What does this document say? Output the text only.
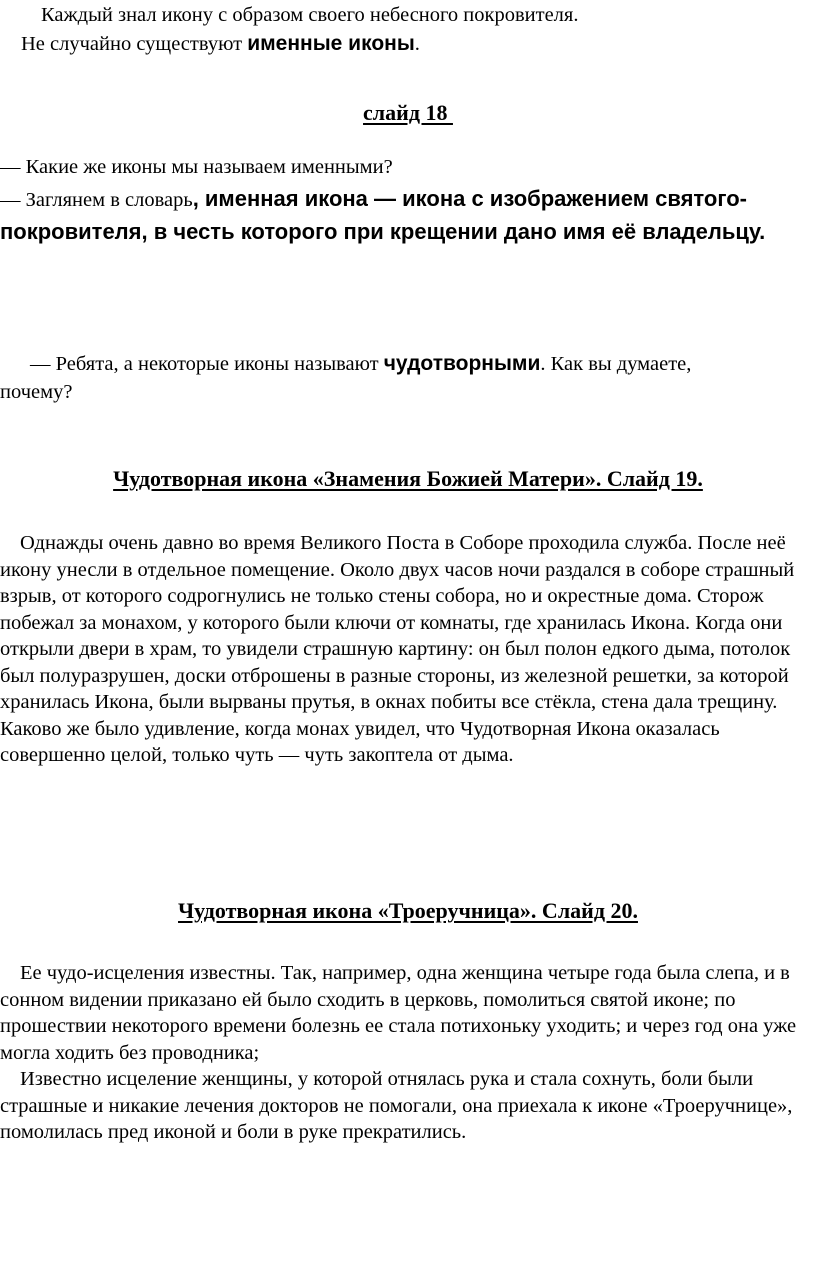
Каждый знал икону с образом своего небесного покровителя.

Не случайно существуют именные иконы.

слайд 18

— Какие же иконы мы называем именными?

— Заглянем в словарь, именная икона — икона с изображением святого-покровителя, в честь которого при крещении дано имя её владельцу.

— Ребята, а некоторые иконы называют чудотворными. Как вы думаете, почему?

Чудотворная икона «Знамения Божией Матери». Слайд 19.

Однажды очень давно во время Великого Поста в Соборе проходила служба. После неё икону унесли в отдельное помещение. Около двух часов ночи раздался в соборе страшный взрыв, от которого содрогнулись не только стены собора, но и окрестные дома. Сторож побежал за монахом, у которого были ключи от комнаты, где хранилась Икона. Когда они открыли двери в храм, то увидели страшную картину: он был полон едкого дыма, потолок был полуразрушен, доски отброшены в разные стороны, из железной решетки, за которой хранилась Икона, были вырваны прутья, в окнах побиты все стёкла, стена дала трещину. Каково же было удивление, когда монах увидел, что Чудотворная Икона оказалась совершенно целой, только чуть — чуть закоптела от дыма.

Чудотворная икона «Троеручница». Слайд 20.

Ее чудо-исцеления известны. Так, например, одна женщина четыре года была слепа, и в сонном видении приказано ей было сходить в церковь, помолиться святой иконе; по прошествии некоторого времени болезнь ее стала потихоньку уходить; и через год она уже могла ходить без проводника;

Известно исцеление женщины, у которой отнялась рука и стала сохнуть, боли были страшные и никакие лечения докторов не помогали, она приехала к иконе «Троеручнице», помолилась пред иконой и боли в руке прекратились.
